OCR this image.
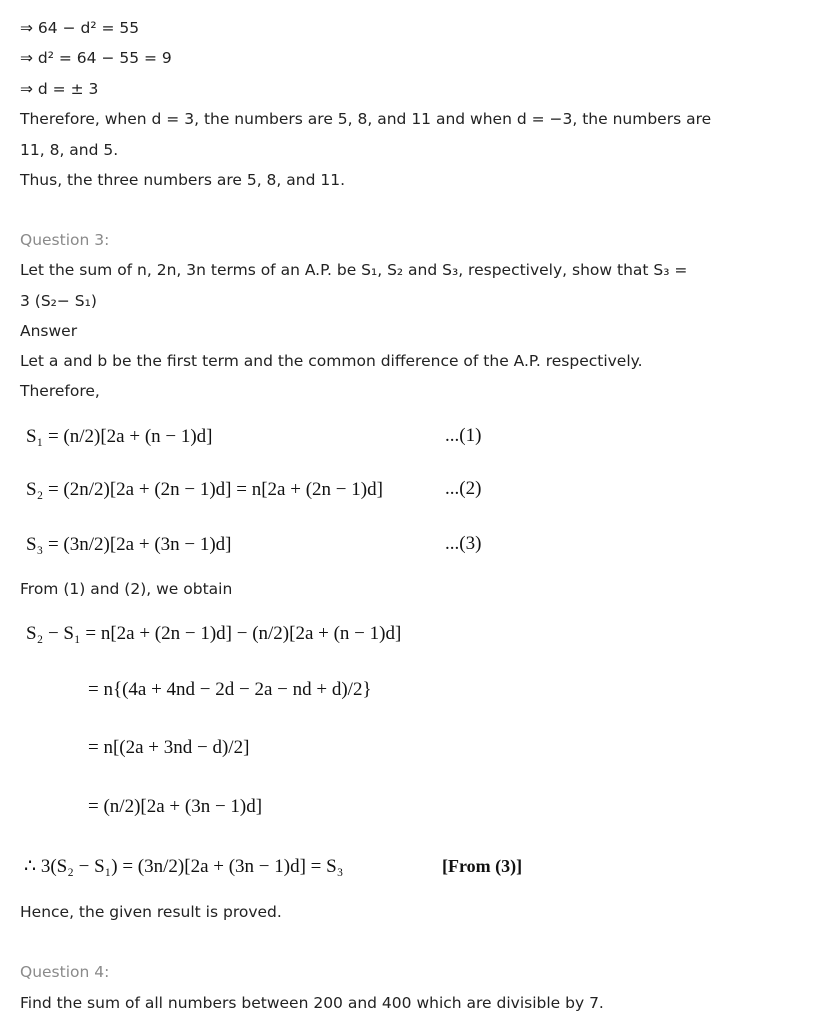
⇒ 64 − d² = 55
⇒ d² = 64 − 55 = 9
⇒ d = ± 3
Therefore, when d = 3, the numbers are 5, 8, and 11 and when d = −3, the numbers are
11, 8, and 5.
Thus, the three numbers are 5, 8, and 11.
Question 3:
Let the sum of n, 2n, 3n terms of an A.P. be S₁, S₂ and S₃, respectively, show that S₃ =
3 (S₂− S₁)
Answer
Let a and b be the first term and the common difference of the A.P. respectively.
Therefore,
S₁ = (n/2)[2a + (n − 1)d]	...(1)
S₂ = (2n/2)[2a + (2n − 1)d] = n[2a + (2n − 1)d]	...(2)
S₃ = (3n/2)[2a + (3n − 1)d]	...(3)
From (1) and (2), we obtain
S₂ − S₁ = n[2a + (2n − 1)d] − (n/2)[2a + (n − 1)d]
= n{(4a + 4nd − 2d − 2a − nd + d)/2}
= n[(2a + 3nd − d)/2]
= (n/2)[2a + (3n − 1)d]
∴ 3(S₂ − S₁) = (3n/2)[2a + (3n − 1)d] = S₃	[From (3)]
Hence, the given result is proved.
Question 4:
Find the sum of all numbers between 200 and 400 which are divisible by 7.
